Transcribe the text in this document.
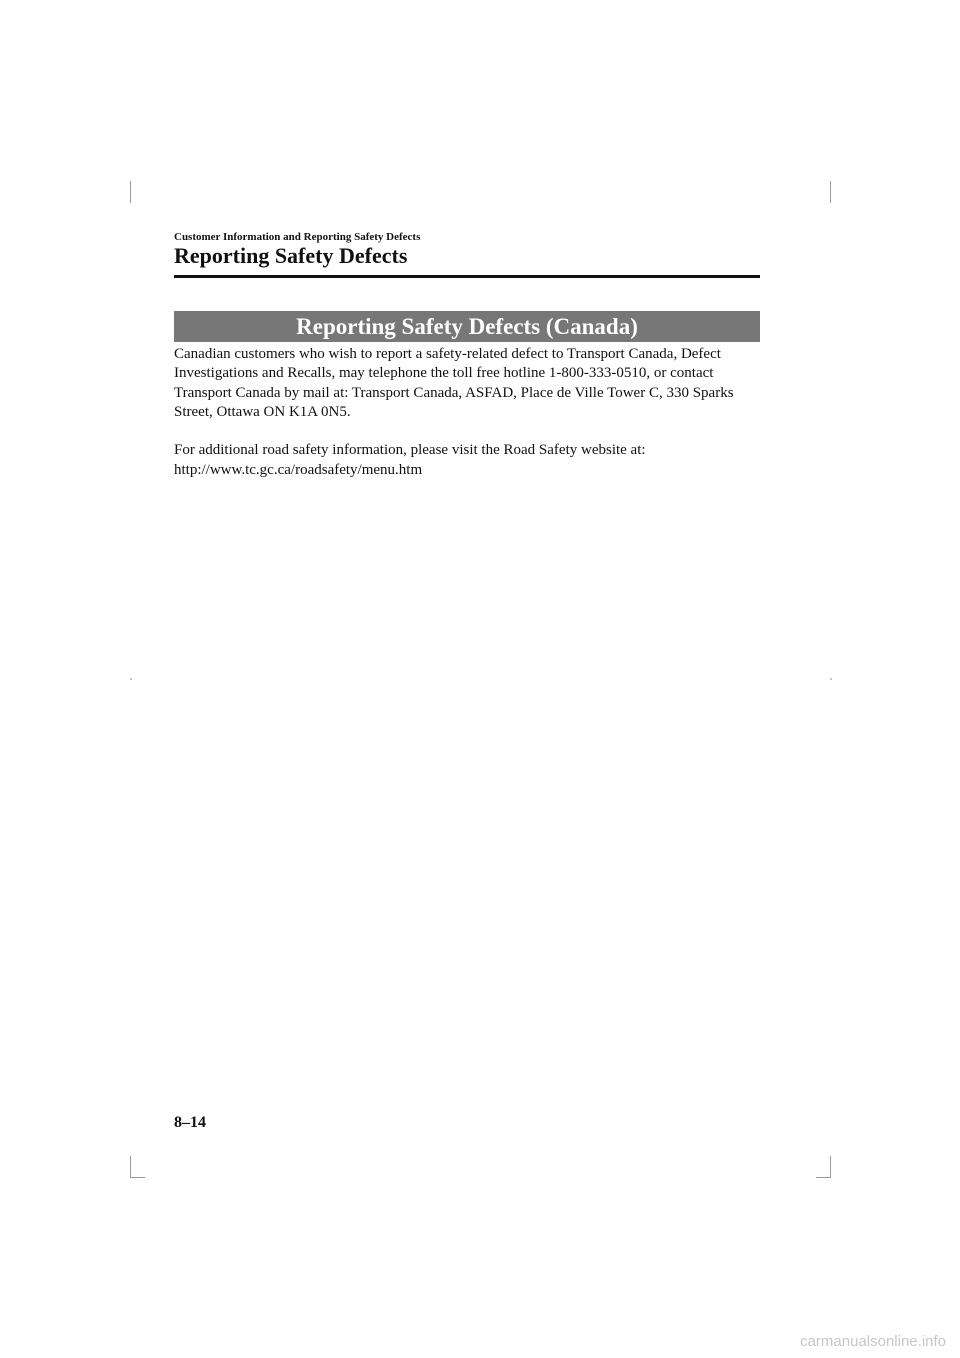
Customer Information and Reporting Safety Defects
Reporting Safety Defects
Reporting Safety Defects (Canada)

Canadian customers who wish to report a safety-related defect to Transport Canada, Defect Investigations and Recalls, may telephone the toll free hotline 1-800-333-0510, or contact Transport Canada by mail at: Transport Canada, ASFAD, Place de Ville Tower C, 330 Sparks Street, Ottawa ON K1A 0N5.

For additional road safety information, please visit the Road Safety website at: http://www.tc.gc.ca/roadsafety/menu.htm

8–14
carmanualsonline.info
